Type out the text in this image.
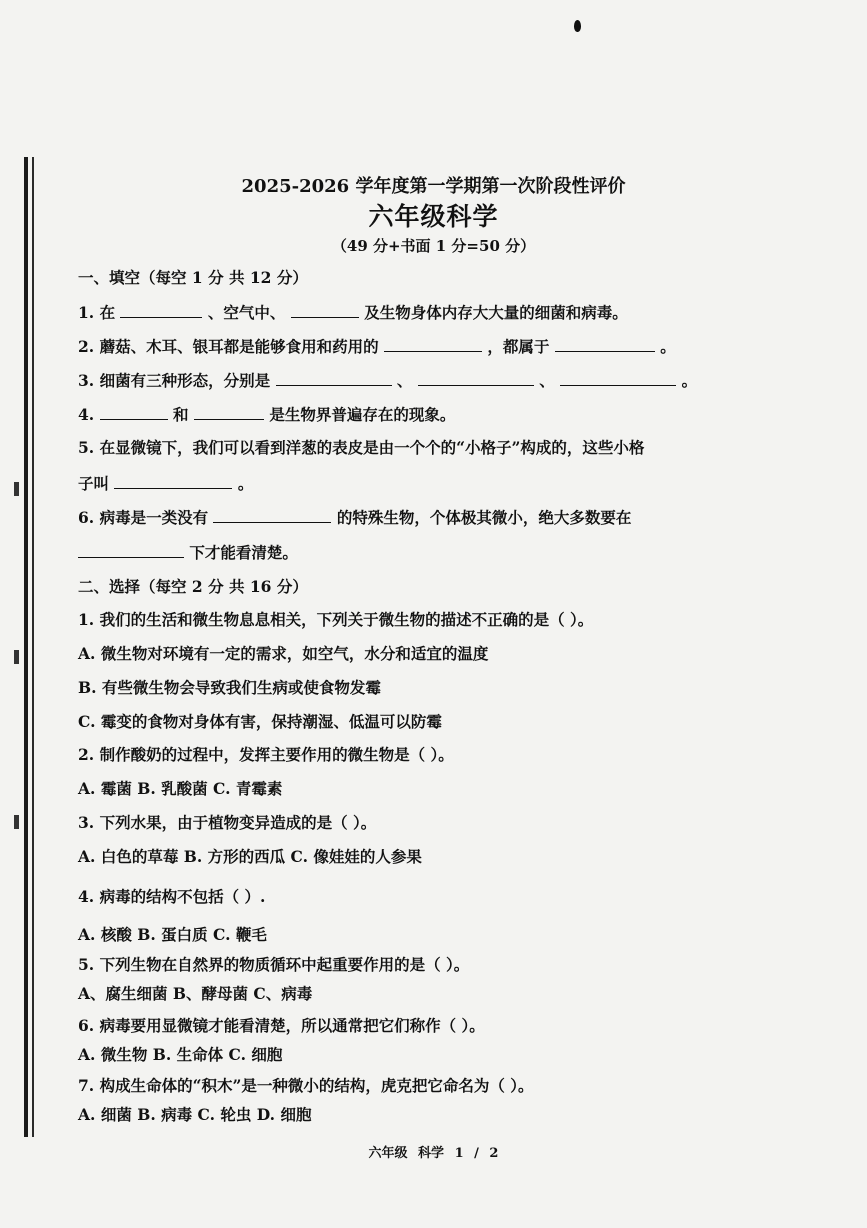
2025-2026 学年度第一学期第一次阶段性评价
六年级科学
（49 分+书面 1 分=50 分）
一、填空（每空 1 分 共 12 分）
1. 在	、空气中、	及生物身体内存大大量的细菌和病毒。
2. 蘑菇、木耳、银耳都是能够食用和药用的	，都属于	。
3. 细菌有三种形态，分别是	、	、	。
4.	和	是生物界普遍存在的现象。
5. 在显微镜下，我们可以看到洋葱的表皮是由一个个的“小格子”构成的，这些小格
子叫	。
6. 病毒是一类没有	的特殊生物，个体极其微小，绝大多数要在
下才能看清楚。
二、选择（每空 2 分 共 16 分）
1. 我们的生活和微生物息息相关，下列关于微生物的描述不正确的是（ ）。
A. 微生物对环境有一定的需求，如空气，水分和适宜的温度
B. 有些微生物会导致我们生病或使食物发霉
C. 霉变的食物对身体有害，保持潮湿、低温可以防霉
2. 制作酸奶的过程中，发挥主要作用的微生物是（ ）。
A. 霉菌 B. 乳酸菌 C. 青霉素
3. 下列水果，由于植物变异造成的是（ ）。
A. 白色的草莓 B. 方形的西瓜 C. 像娃娃的人参果
4. 病毒的结构不包括（ ）.
A. 核酸 B. 蛋白质 C. 鞭毛
5. 下列生物在自然界的物质循环中起重要作用的是（ ）。
A、腐生细菌 B、酵母菌 C、病毒
6. 病毒要用显微镜才能看清楚，所以通常把它们称作（ ）。
A. 微生物 B. 生命体 C. 细胞
7. 构成生命体的“积木”是一种微小的结构，虎克把它命名为（ ）。
A. 细菌 B. 病毒 C. 轮虫 D. 细胞
六年级 科学 1 / 2
